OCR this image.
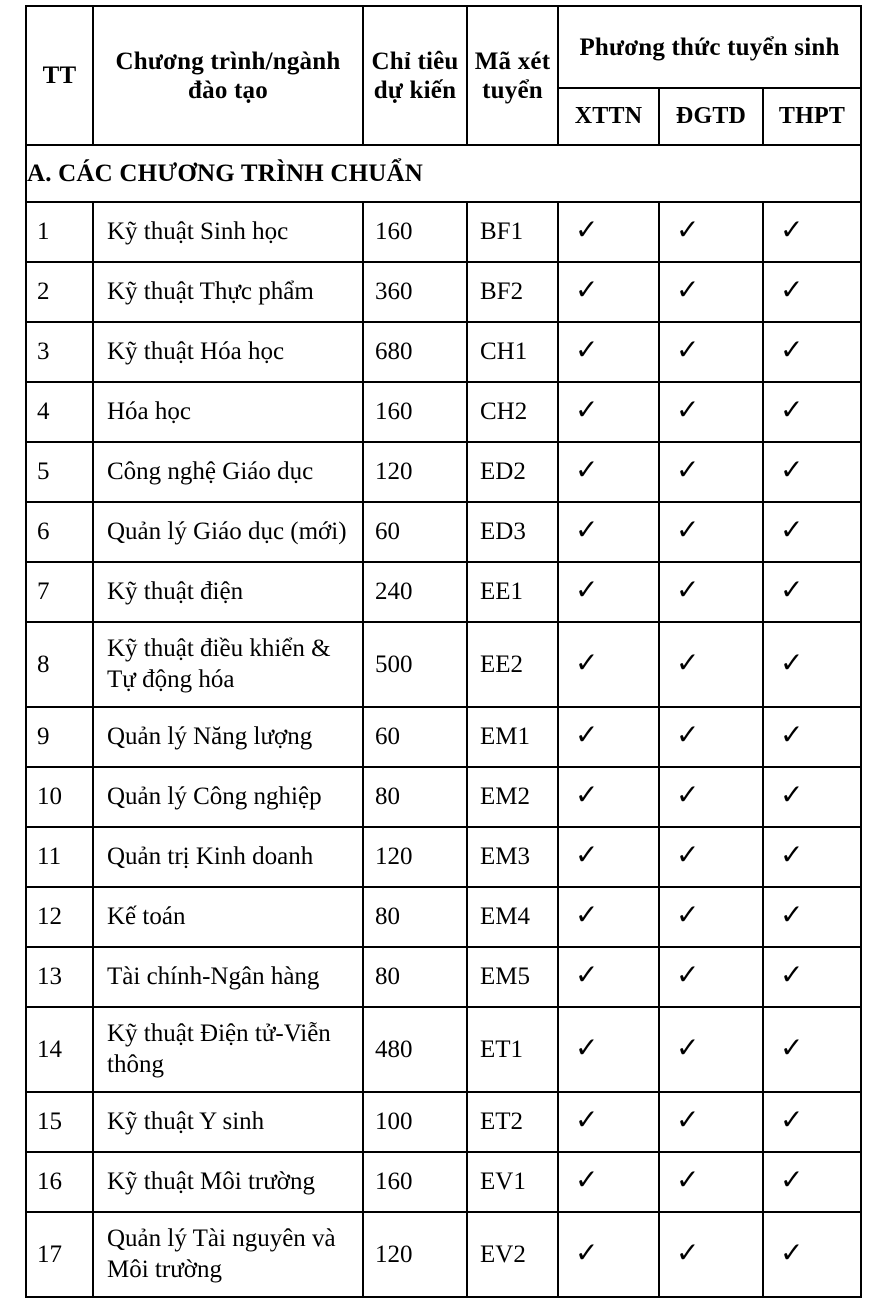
TT	Chương trình/ngành đào tạo	Chỉ tiêu dự kiến	Mã xét tuyển	Phương thức tuyển sinh		
				XTTN	ĐGTD	THPT
A. CÁC CHƯƠNG TRÌNH CHUẨN						
1	Kỹ thuật Sinh học	160	BF1	✓	✓	✓
2	Kỹ thuật Thực phẩm	360	BF2	✓	✓	✓
3	Kỹ thuật Hóa học	680	CH1	✓	✓	✓
4	Hóa học	160	CH2	✓	✓	✓
5	Công nghệ Giáo dục	120	ED2	✓	✓	✓
6	Quản lý Giáo dục (mới)	60	ED3	✓	✓	✓
7	Kỹ thuật điện	240	EE1	✓	✓	✓
8	Kỹ thuật điều khiển & Tự động hóa	500	EE2	✓	✓	✓
9	Quản lý Năng lượng	60	EM1	✓	✓	✓
10	Quản lý Công nghiệp	80	EM2	✓	✓	✓
11	Quản trị Kinh doanh	120	EM3	✓	✓	✓
12	Kế toán	80	EM4	✓	✓	✓
13	Tài chính-Ngân hàng	80	EM5	✓	✓	✓
14	Kỹ thuật Điện tử-Viễn thông	480	ET1	✓	✓	✓
15	Kỹ thuật Y sinh	100	ET2	✓	✓	✓
16	Kỹ thuật Môi trường	160	EV1	✓	✓	✓
17	Quản lý Tài nguyên và Môi trường	120	EV2	✓	✓	✓
